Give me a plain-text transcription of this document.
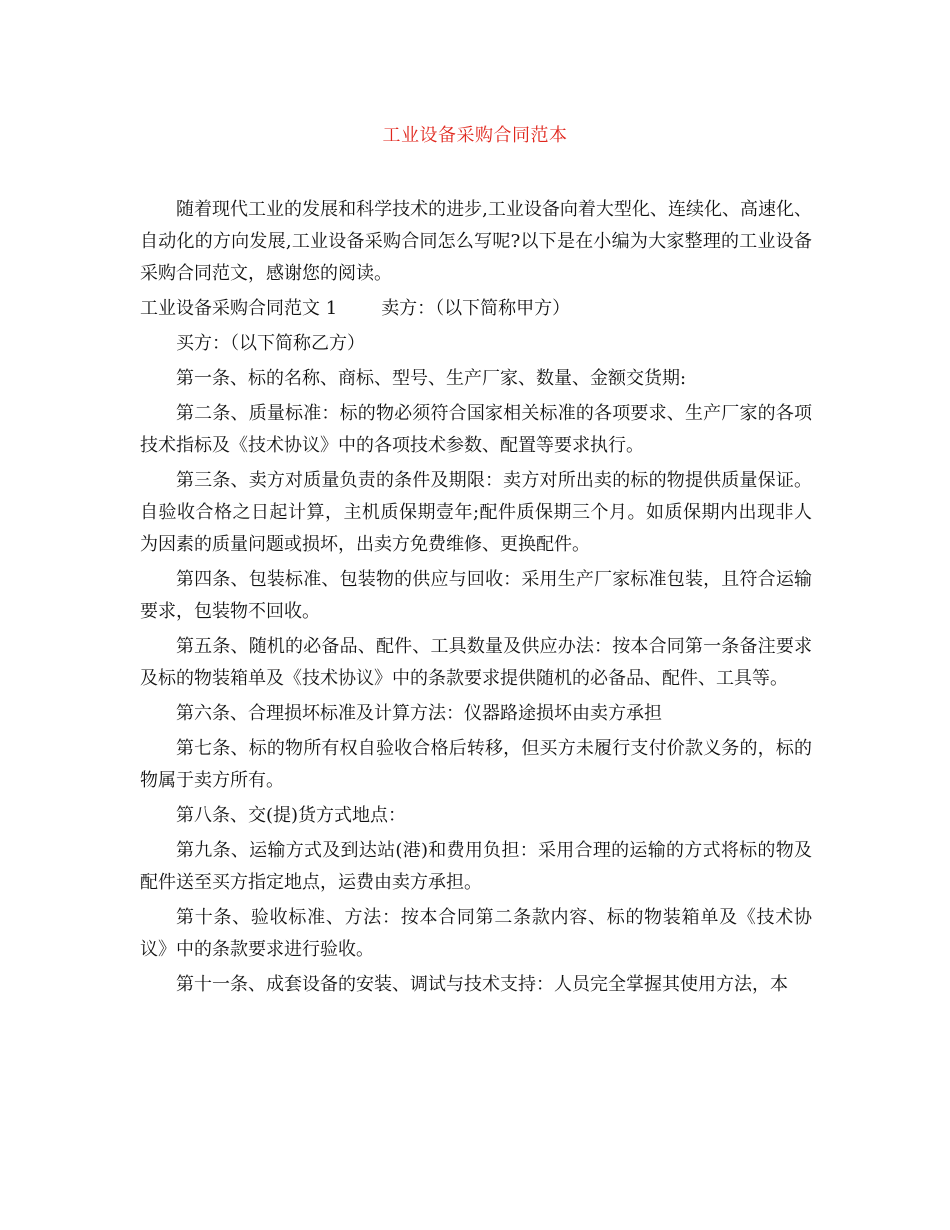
工业设备采购合同范本

随着现代工业的发展和科学技术的进步,工业设备向着大型化、连续化、高速化、自动化的方向发展,工业设备采购合同怎么写呢?以下是在小编为大家整理的工业设备采购合同范文，感谢您的阅读。

工业设备采购合同范文 1 卖方：（以下简称甲方）

买方：（以下简称乙方）

第一条、标的名称、商标、型号、生产厂家、数量、金额交货期:

第二条、质量标准：标的物必须符合国家相关标准的各项要求、生产厂家的各项技术指标及《技术协议》中的各项技术参数、配置等要求执行。

第三条、卖方对质量负责的条件及期限：卖方对所出卖的标的物提供质量保证。自验收合格之日起计算，主机质保期壹年;配件质保期三个月。如质保期内出现非人为因素的质量问题或损坏，出卖方免费维修、更换配件。

第四条、包装标准、包装物的供应与回收：采用生产厂家标准包装，且符合运输要求，包装物不回收。

第五条、随机的必备品、配件、工具数量及供应办法：按本合同第一条备注要求及标的物装箱单及《技术协议》中的条款要求提供随机的必备品、配件、工具等。

第六条、合理损坏标准及计算方法：仪器路途损坏由卖方承担

第七条、标的物所有权自验收合格后转移，但买方未履行支付价款义务的，标的物属于卖方所有。

第八条、交(提)货方式地点：

第九条、运输方式及到达站(港)和费用负担：采用合理的运输的方式将标的物及配件送至买方指定地点，运费由卖方承担。

第十条、验收标准、方法：按本合同第二条款内容、标的物装箱单及《技术协议》中的条款要求进行验收。

第十一条、成套设备的安装、调试与技术支持：人员完全掌握其使用方法，本
